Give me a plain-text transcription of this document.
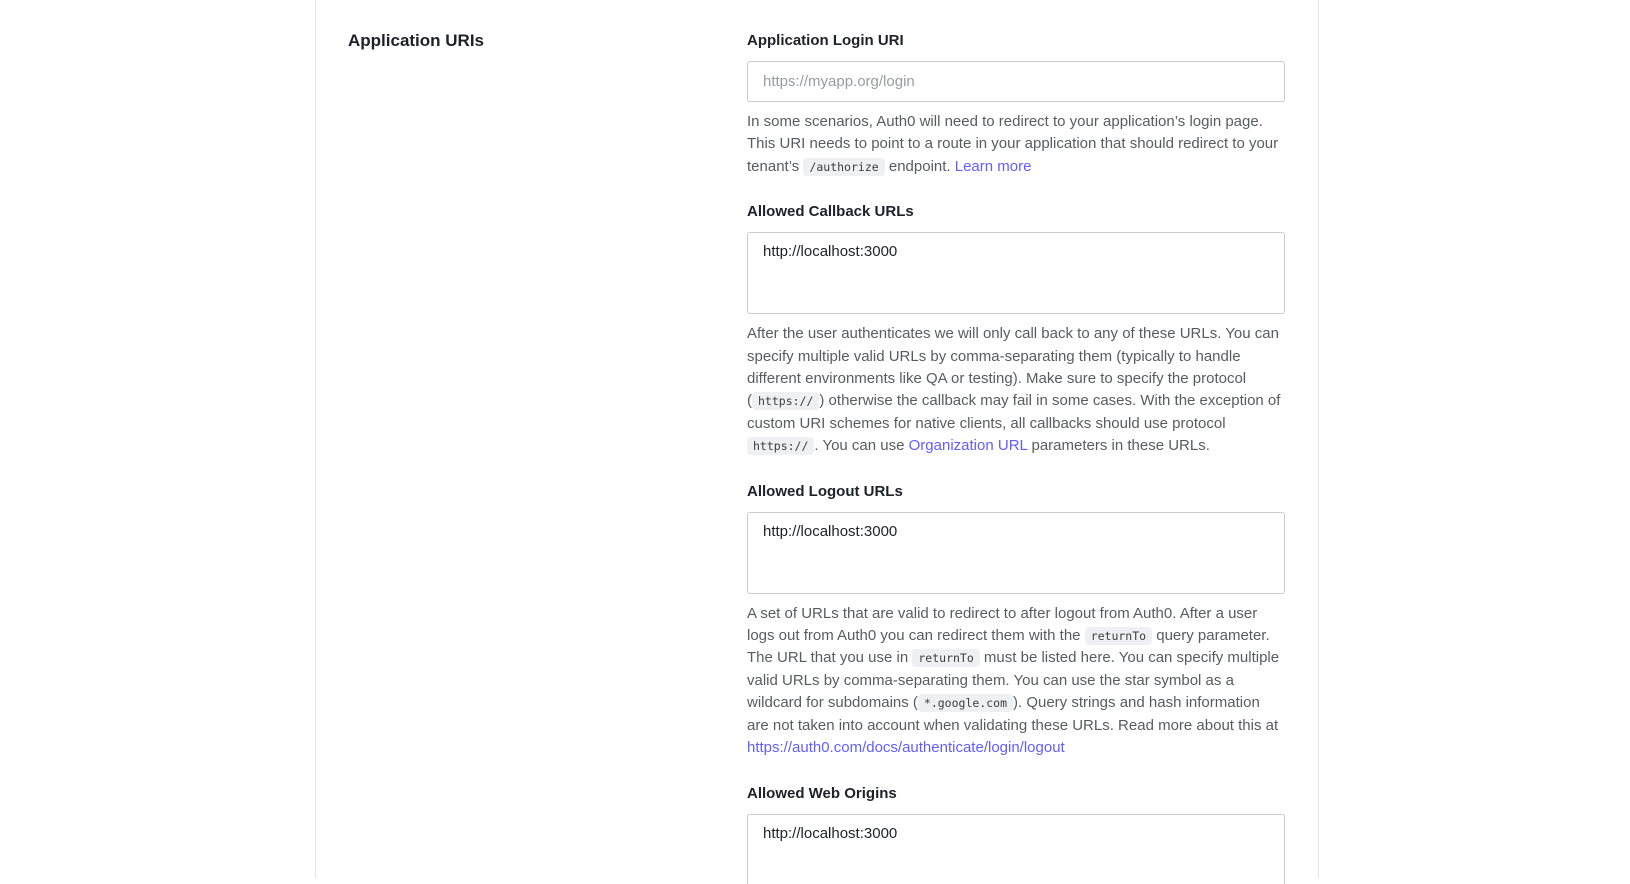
Application URIs	Application Login URI
https://myapp.org/login
In some scenarios, Auth0 will need to redirect to your application’s login page. This URI needs to point to a route in your application that should redirect to your tenant’s /authorize endpoint. Learn more
Allowed Callback URLs
http://localhost:3000
After the user authenticates we will only call back to any of these URLs. You can specify multiple valid URLs by comma-separating them (typically to handle different environments like QA or testing). Make sure to specify the protocol ( https:// ) otherwise the callback may fail in some cases. With the exception of custom URI schemes for native clients, all callbacks should use protocol https:// . You can use Organization URL parameters in these URLs.
Allowed Logout URLs
http://localhost:3000
A set of URLs that are valid to redirect to after logout from Auth0. After a user logs out from Auth0 you can redirect them with the returnTo query parameter. The URL that you use in returnTo must be listed here. You can specify multiple valid URLs by comma-separating them. You can use the star symbol as a wildcard for subdomains ( *.google.com ). Query strings and hash information are not taken into account when validating these URLs. Read more about this at https://auth0.com/docs/authenticate/login/logout
Allowed Web Origins
http://localhost:3000
